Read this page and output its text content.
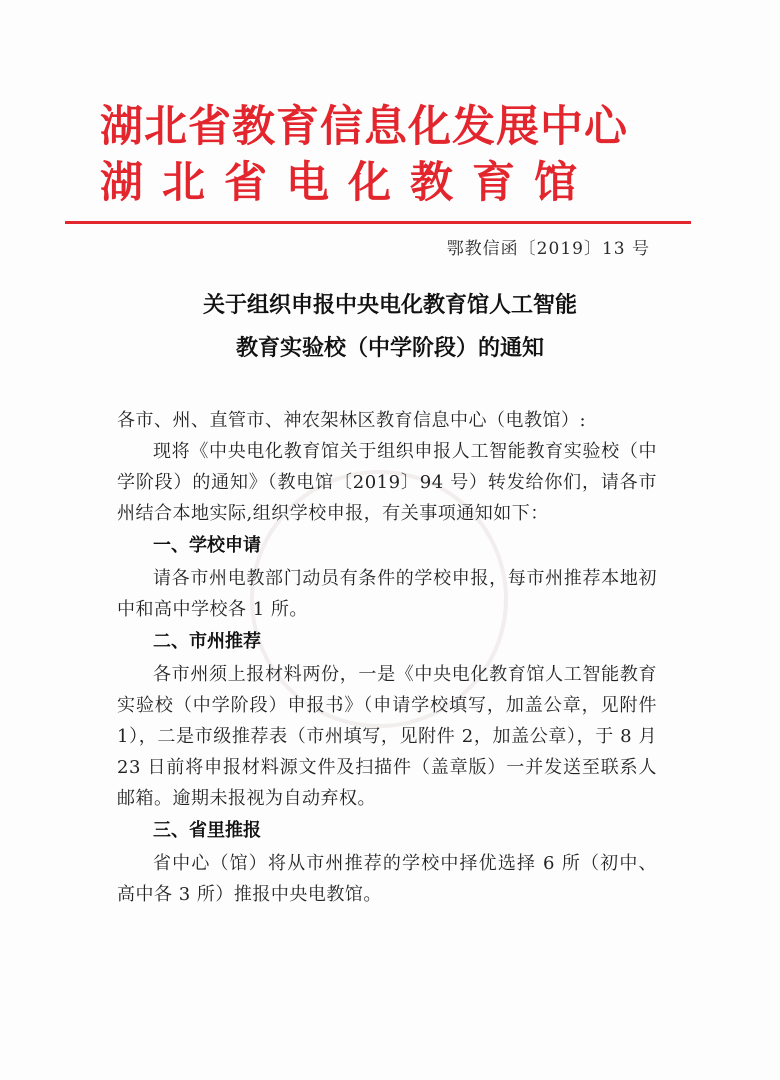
湖北省教育信息化发展中心
湖北省电化教育馆
鄂教信函〔2019〕13 号
关于组织申报中央电化教育馆人工智能
教育实验校（中学阶段）的通知

各市、州、直管市、神农架林区教育信息中心（电教馆）:

现将《中央电化教育馆关于组织申报人工智能教育实验校（中学阶段）的通知》（教电馆〔2019〕94 号）转发给你们，请各市州结合本地实际,组织学校申报，有关事项通知如下：

一、学校申请

请各市州电教部门动员有条件的学校申报，每市州推荐本地初中和高中学校各 1 所。

二、市州推荐

各市州须上报材料两份，一是《中央电化教育馆人工智能教育实验校（中学阶段）申报书》（申请学校填写，加盖公章，见附件 1），二是市级推荐表（市州填写，见附件 2，加盖公章），于 8 月 23 日前将申报材料源文件及扫描件（盖章版）一并发送至联系人邮箱。逾期未报视为自动弃权。

三、省里推报

省中心（馆）将从市州推荐的学校中择优选择 6 所（初中、高中各 3 所）推报中央电教馆。
